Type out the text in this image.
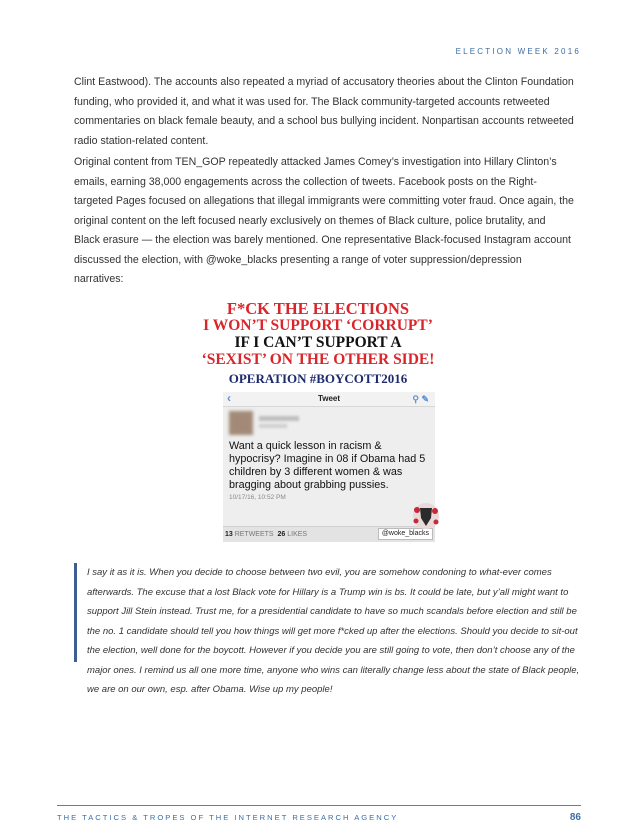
ELECTION WEEK 2016

Clint Eastwood). The accounts also repeated a myriad of accusatory theories about the Clinton Foundation funding, who provided it, and what it was used for. The Black community-targeted accounts retweeted commentaries on black female beauty, and a school bus bullying incident. Nonpartisan accounts retweeted radio station-related content.

Original content from TEN_GOP repeatedly attacked James Comey’s investigation into Hillary Clinton’s emails, earning 38,000 engagements across the collection of tweets. Facebook posts on the Right-targeted Pages focused on allegations that illegal immigrants were committing voter fraud. Once again, the original content on the left focused nearly exclusively on themes of Black culture, police brutality, and Black erasure — the election was barely mentioned. One representative Black-focused Instagram account discussed the election, with @woke_blacks presenting a range of voter suppression/depression narratives:

F*CK THE ELECTIONS
I WON’T SUPPORT ‘CORRUPT’
IF I CAN’T SUPPORT A
‘SEXIST’ ON THE OTHER SIDE!
OPERATION #BOYCOTT2016
‹	Tweet	⚲ ✎
Want a quick lesson in racism & hypocrisy? Imagine in 08 if Obama had 5 children by 3 different women & was bragging about grabbing pussies.
10/17/16, 10:52 PM
13 RETWEETS 26 LIKES	@woke_blacks

I say it as it is. When you decide to choose between two evil, you are somehow condoning to what-ever comes afterwards. The excuse that a lost Black vote for Hillary is a Trump win is bs. It could be late, but y’all might want to support Jill Stein instead. Trust me, for a presidential candidate to have so much scandals before election and still be the no. 1 candidate should tell you how things will get more f*cked up after the elections. Should you decide to sit-out the election, well done for the boycott. However if you decide you are still going to vote, then don’t choose any of the major ones. I remind us all one more time, anyone who wins can literally change less about the state of Black people, we are on our own, esp. after Obama. Wise up my people!

THE TACTICS & TROPES OF THE INTERNET RESEARCH AGENCY	86
